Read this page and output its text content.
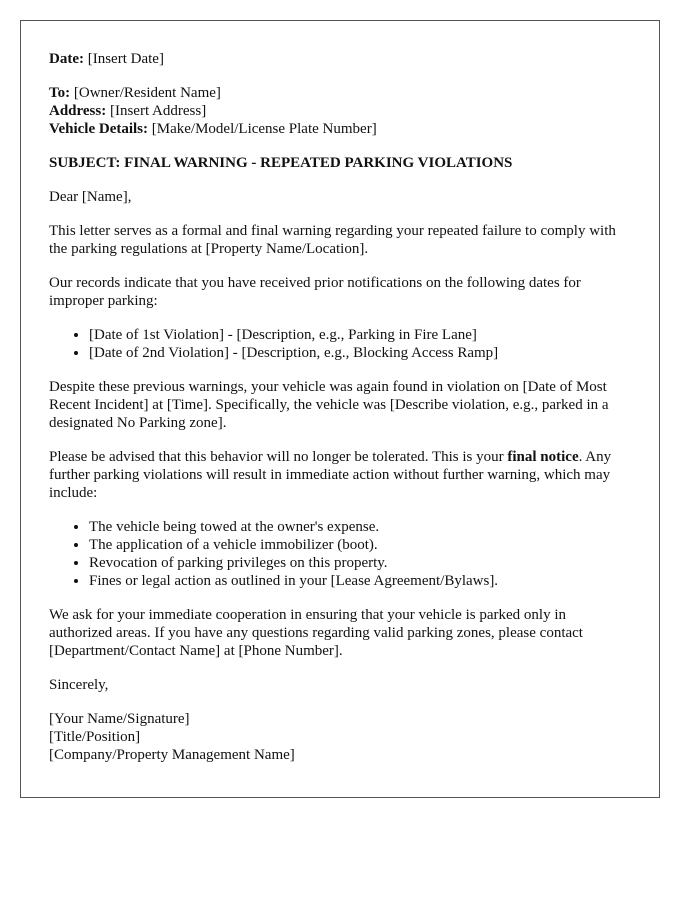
Date: [Insert Date]

To: [Owner/Resident Name]
Address: [Insert Address]
Vehicle Details: [Make/Model/License Plate Number]

SUBJECT: FINAL WARNING - REPEATED PARKING VIOLATIONS

Dear [Name],

This letter serves as a formal and final warning regarding your repeated failure to comply with the parking regulations at [Property Name/Location].

Our records indicate that you have received prior notifications on the following dates for improper parking:

• [Date of 1st Violation] - [Description, e.g., Parking in Fire Lane]
• [Date of 2nd Violation] - [Description, e.g., Blocking Access Ramp]

Despite these previous warnings, your vehicle was again found in violation on [Date of Most Recent Incident] at [Time]. Specifically, the vehicle was [Describe violation, e.g., parked in a designated No Parking zone].

Please be advised that this behavior will no longer be tolerated. This is your final notice. Any further parking violations will result in immediate action without further warning, which may include:

• The vehicle being towed at the owner's expense.
• The application of a vehicle immobilizer (boot).
• Revocation of parking privileges on this property.
• Fines or legal action as outlined in your [Lease Agreement/Bylaws].

We ask for your immediate cooperation in ensuring that your vehicle is parked only in authorized areas. If you have any questions regarding valid parking zones, please contact [Department/Contact Name] at [Phone Number].

Sincerely,

[Your Name/Signature]
[Title/Position]
[Company/Property Management Name]
